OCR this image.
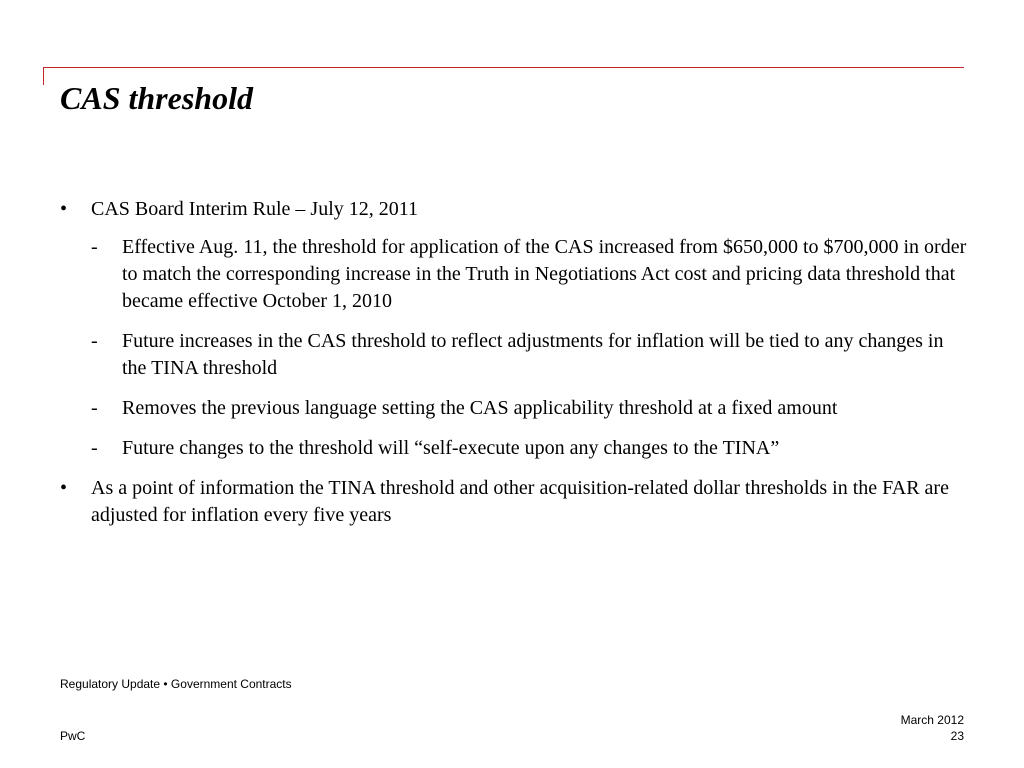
CAS threshold
•	CAS Board Interim Rule – July 12, 2011
-	Effective Aug. 11, the threshold for application of the CAS increased from $650,000 to $700,000 in order to match the corresponding increase in the Truth in Negotiations Act cost and pricing data threshold that became effective October 1, 2010
-	Future increases in the CAS threshold to reflect adjustments for inflation will be tied to any changes in the TINA threshold
-	Removes the previous language setting the CAS applicability threshold at a fixed amount
-	Future changes to the threshold will “self-execute upon any changes to the TINA”
•	As a point of information the TINA threshold and other acquisition-related dollar thresholds in the FAR are adjusted for inflation every five years
Regulatory Update • Government Contracts
PwC
March 2012
23
